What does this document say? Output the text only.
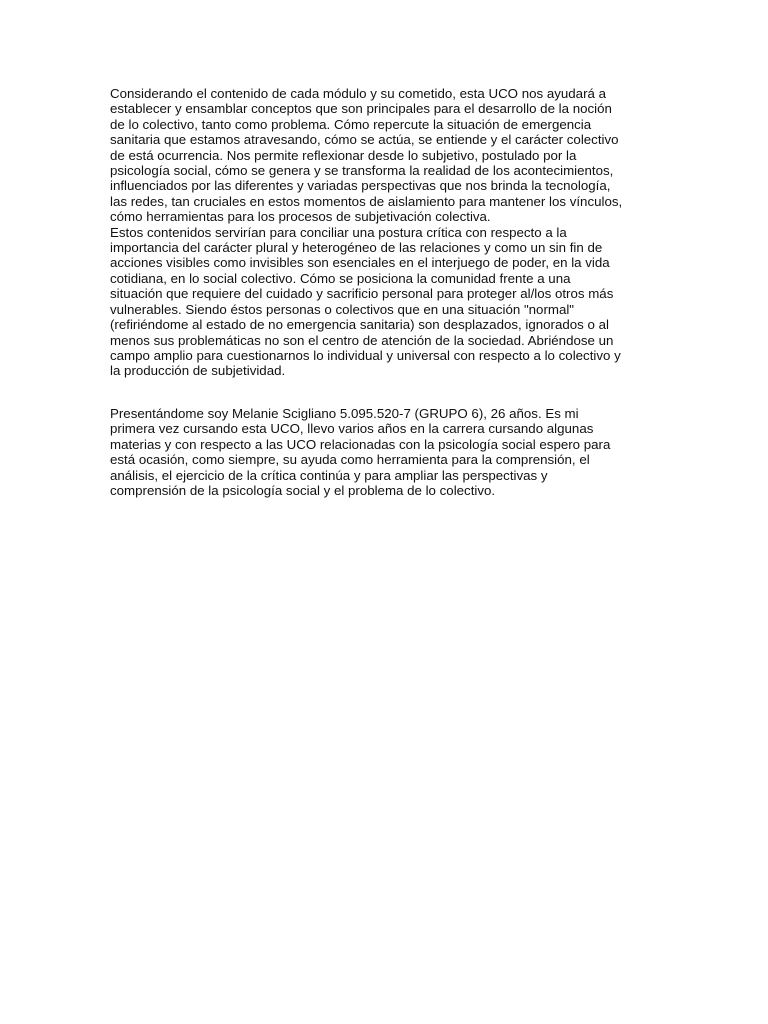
Considerando el contenido de cada módulo y su cometido, esta UCO nos ayudará a
establecer y ensamblar conceptos que son principales para el desarrollo de la noción
de lo colectivo, tanto como problema. Cómo repercute la situación de emergencia
sanitaria que estamos atravesando, cómo se actúa, se entiende y el carácter colectivo
de está ocurrencia. Nos permite reflexionar desde lo subjetivo, postulado por la
psicología social, cómo se genera y se transforma la realidad de los acontecimientos,
influenciados por las diferentes y variadas perspectivas que nos brinda la tecnología,
las redes, tan cruciales en estos momentos de aislamiento para mantener los vínculos,
cómo herramientas para los procesos de subjetivación colectiva.
Estos contenidos servirían para conciliar una postura crítica con respecto a la
importancia del carácter plural y heterogéneo de las relaciones y como un sin fin de
acciones visibles como invisibles son esenciales en el interjuego de poder, en la vida
cotidiana, en lo social colectivo. Cómo se posiciona la comunidad frente a una
situación que requiere del cuidado y sacrificio personal para proteger al/los otros más
vulnerables. Siendo éstos personas o colectivos que en una situación "normal"
(refiriéndome al estado de no emergencia sanitaria) son desplazados, ignorados o al
menos sus problemáticas no son el centro de atención de la sociedad. Abriéndose un
campo amplio para cuestionarnos lo individual y universal con respecto a lo colectivo y
la producción de subjetividad.
Presentándome soy Melanie Scigliano 5.095.520-7 (GRUPO 6), 26 años. Es mi
primera vez cursando esta UCO, llevo varios años en la carrera cursando algunas
materias y con respecto a las UCO relacionadas con la psicología social espero para
está ocasión, como siempre, su ayuda como herramienta para la comprensión, el
análisis, el ejercicio de la crítica continúa y para ampliar las perspectivas y
comprensión de la psicología social y el problema de lo colectivo.
